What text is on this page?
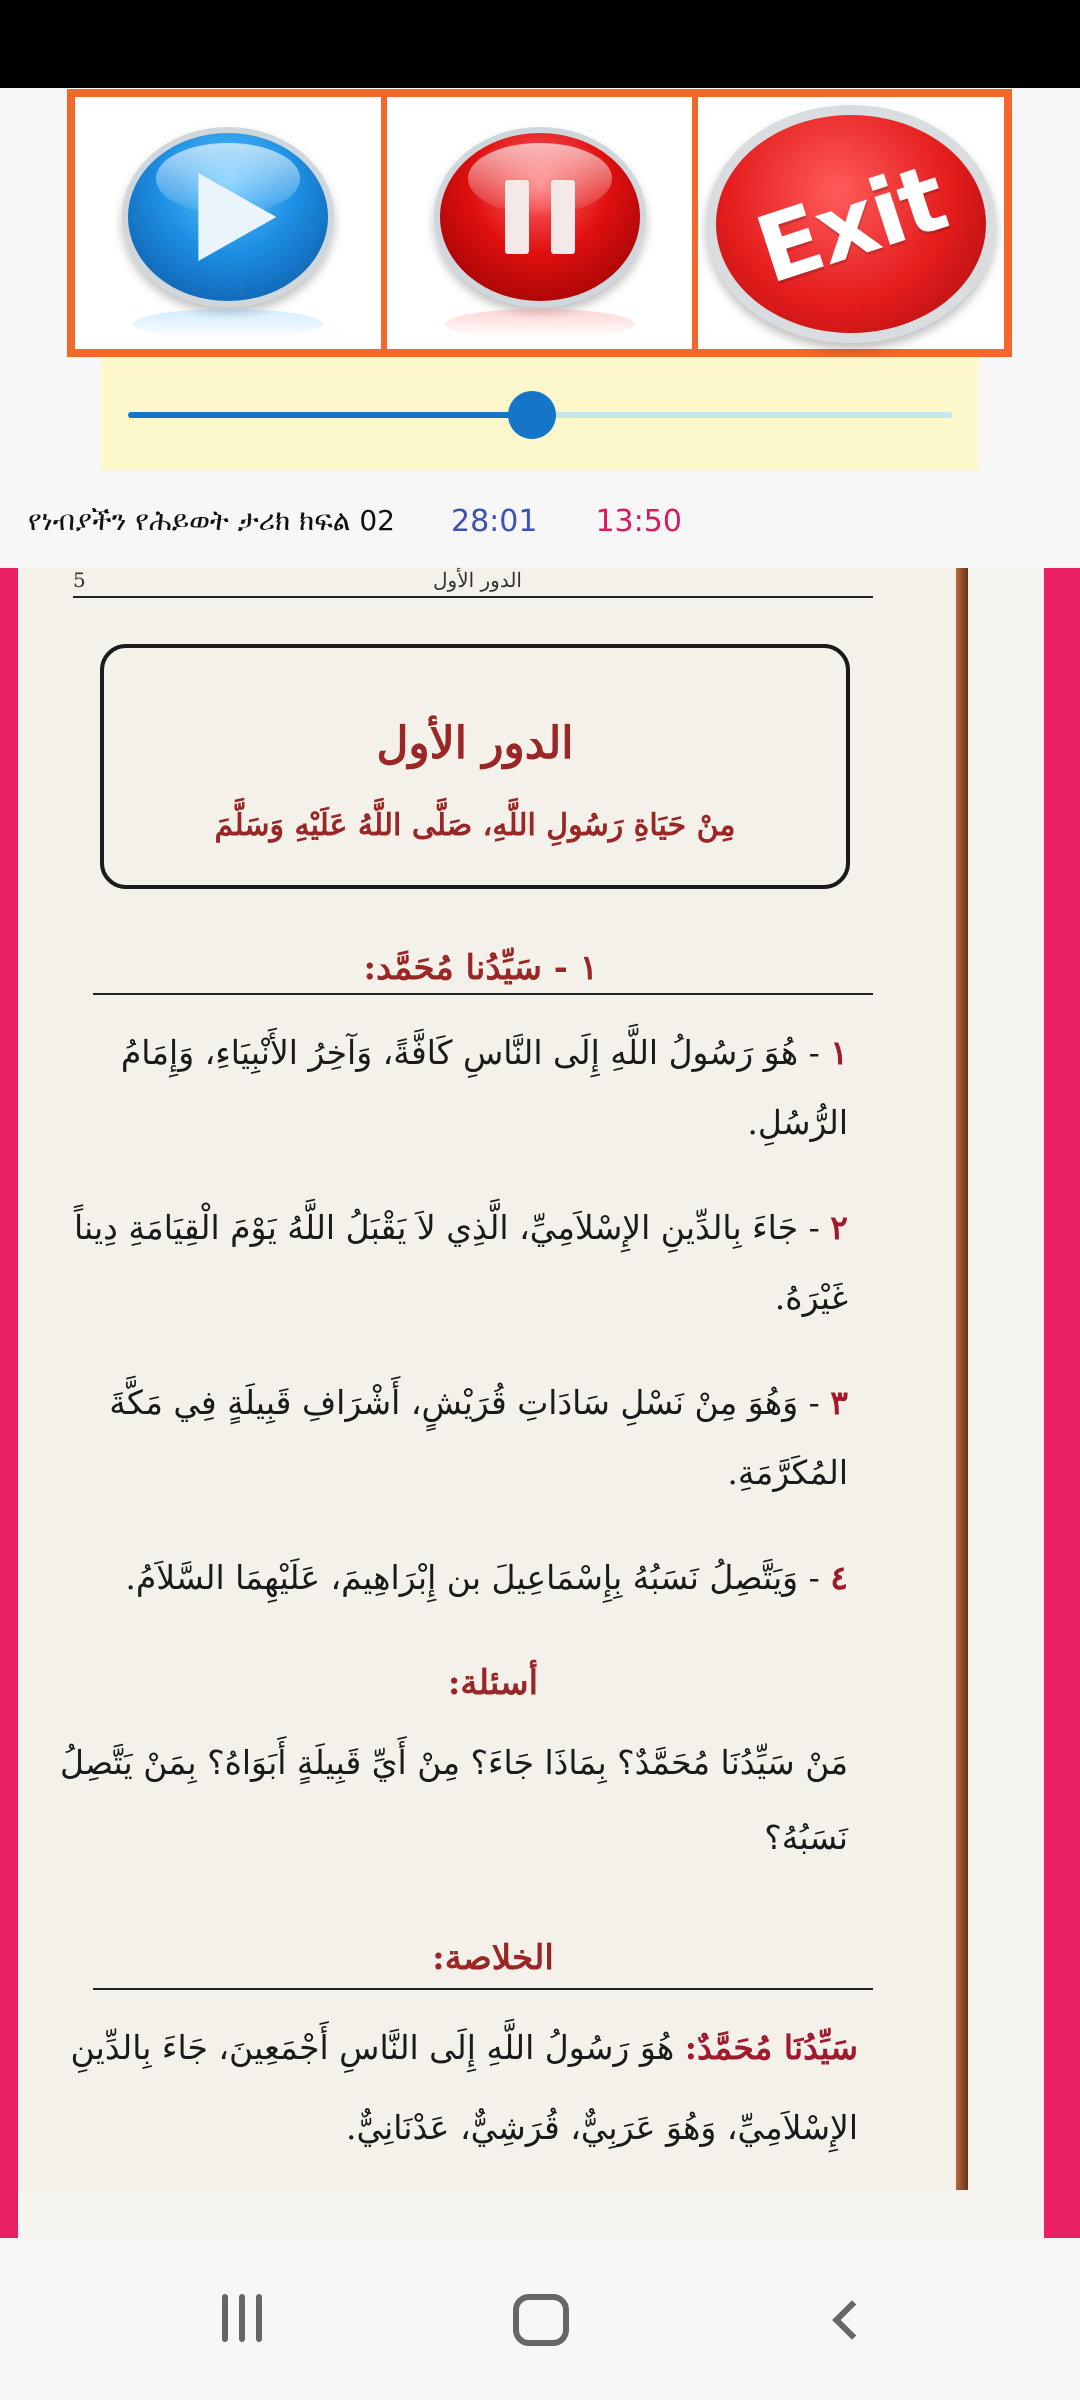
Exit
የነብያችን የሕይወት ታሪክ ክፍል 02 28:01 13:50
5	الدور الأول
الدور الأول
مِنْ حَيَاةِ رَسُولِ اللَّهِ، صَلَّى اللَّهُ عَلَيْهِ وَسَلَّمَ
١ - سَيِّدُنا مُحَمَّد:
١ - هُوَ رَسُولُ اللَّهِ إِلَى النَّاسِ كَافَّةً، وَآخِرُ الأَنْبِيَاءِ، وَإِمَامُ
الرُّسُلِ.
٢ - جَاءَ بِالدِّينِ الإِسْلاَمِيِّ، الَّذِي لاَ يَقْبَلُ اللَّهُ يَوْمَ الْقِيَامَةِ دِيناً
غَيْرَهُ.
٣ - وَهُوَ مِنْ نَسْلِ سَادَاتِ قُرَيْشٍ، أَشْرَافِ قَبِيلَةٍ فِي مَكَّةَ
المُكَرَّمَةِ.
٤ - وَيَتَّصِلُ نَسَبُهُ بِإِسْمَاعِيلَ بن إِبْرَاهِيمَ، عَلَيْهِمَا السَّلاَمُ.
أسئلة:
مَنْ سَيِّدُنَا مُحَمَّدٌ؟ بِمَاذَا جَاءَ؟ مِنْ أَيِّ قَبِيلَةٍ أَبَوَاهُ؟ بِمَنْ يَتَّصِلُ
نَسَبُهُ؟
الخلاصة:
سَيِّدُنَا مُحَمَّدٌ: هُوَ رَسُولُ اللَّهِ إِلَى النَّاسِ أَجْمَعِينَ، جَاءَ بِالدِّينِ
الإِسْلاَمِيِّ، وَهُوَ عَرَبِيٌّ، قُرَشِيٌّ، عَدْنَانِيٌّ.
